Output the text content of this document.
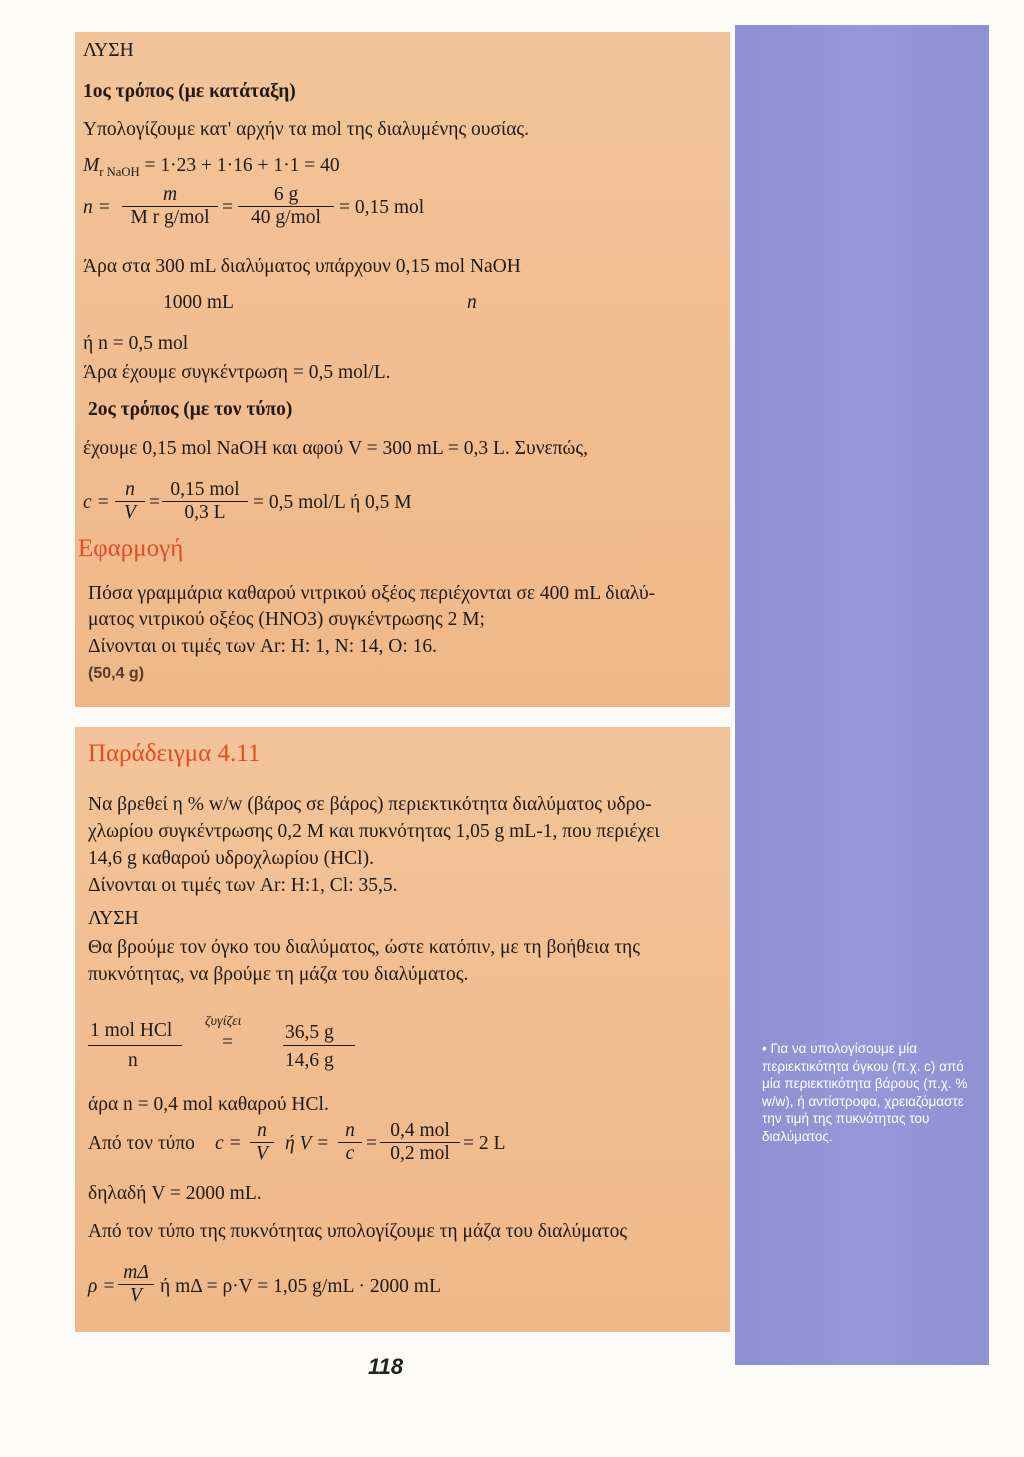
ΛΥΣΗ
1ος τρόπος (με κατάταξη)
Υπολογίζουμε κατ' αρχήν τα mol της διαλυμένης ουσίας.
$M_{r NaOH} = 1\cdot 23 + 1\cdot 16 + 1\cdot 1 = 40$
n =
m
M r g/mol =
6 g
40 g/mol = 0,15 mol
Άρα στα 300 mL διαλύματος υπάρχουν 0,15 mol NaOH
1000 mL	n
ή n = 0,5 mol
Άρα έχουμε συγκέντρωση = 0,5 mol/L.
2ος τρόπος (με τον τύπο)
έχουμε 0,15 mol NaOH και αφού V = 300 mL = 0,3 L. Συνεπώς,
$c = \frac{n}{V}$ =
0,15 mol
0,3 L	= 0,5 mol/L ή 0,5 M
Εφαρμογή
Πόσα γραμμάρια καθαρού νιτρικού οξέος περιέχονται σε 400 mL διαλύ-
ματος νιτρικού οξέος (HNO3) συγκέντρωσης 2 M;
Δίνονται οι τιμές των Ar: H: 1, N: 14, O: 16.
(50,4 g)
Παράδειγμα 4.11
Να βρεθεί η % w/w (βάρος σε βάρος) περιεκτικότητα διαλύματος υδρο-
χλωρίου συγκέντρωσης 0,2 M και πυκνότητας 1,05 g mL-1, που περιέχει
14,6 g καθαρού υδροχλωρίου (HCl).
Δίνονται οι τιμές των Ar: H:1, Cl: 35,5.
ΛΥΣΗ
Θα βρούμε τον όγκο του διαλύματος, ώστε κατόπιν, με τη βοήθεια της
πυκνότητας, να βρούμε τη μάζα του διαλύματος.
1 mol HCl
n
ζυγίζει
=	36,5 g
14,6 g
άρα n = 0,4 mol καθαρού HCl.
Από τον τύπο $c = \frac{n}{V}$ ή $V = \frac{n}{c}$ =
0,4 mol
0,2 mol = 2 L
δηλαδή V = 2000 mL.
Από τον τύπο της πυκνότητας υπολογίζουμε τη μάζα του διαλύματος
$\rho = \frac{m\Delta}{V}$ ή mΔ = ρ·V = 1,05 g/mL · 2000 mL
• Για να υπολογίσουμε μία περιεκτικότητα όγκου (π.χ. c) από μία περιεκτικότητα βάρους (π.χ. % w/w), ή αντίστροφα, χρειαζόμαστε την τιμή της πυκνότητας του διαλύματος.
118
